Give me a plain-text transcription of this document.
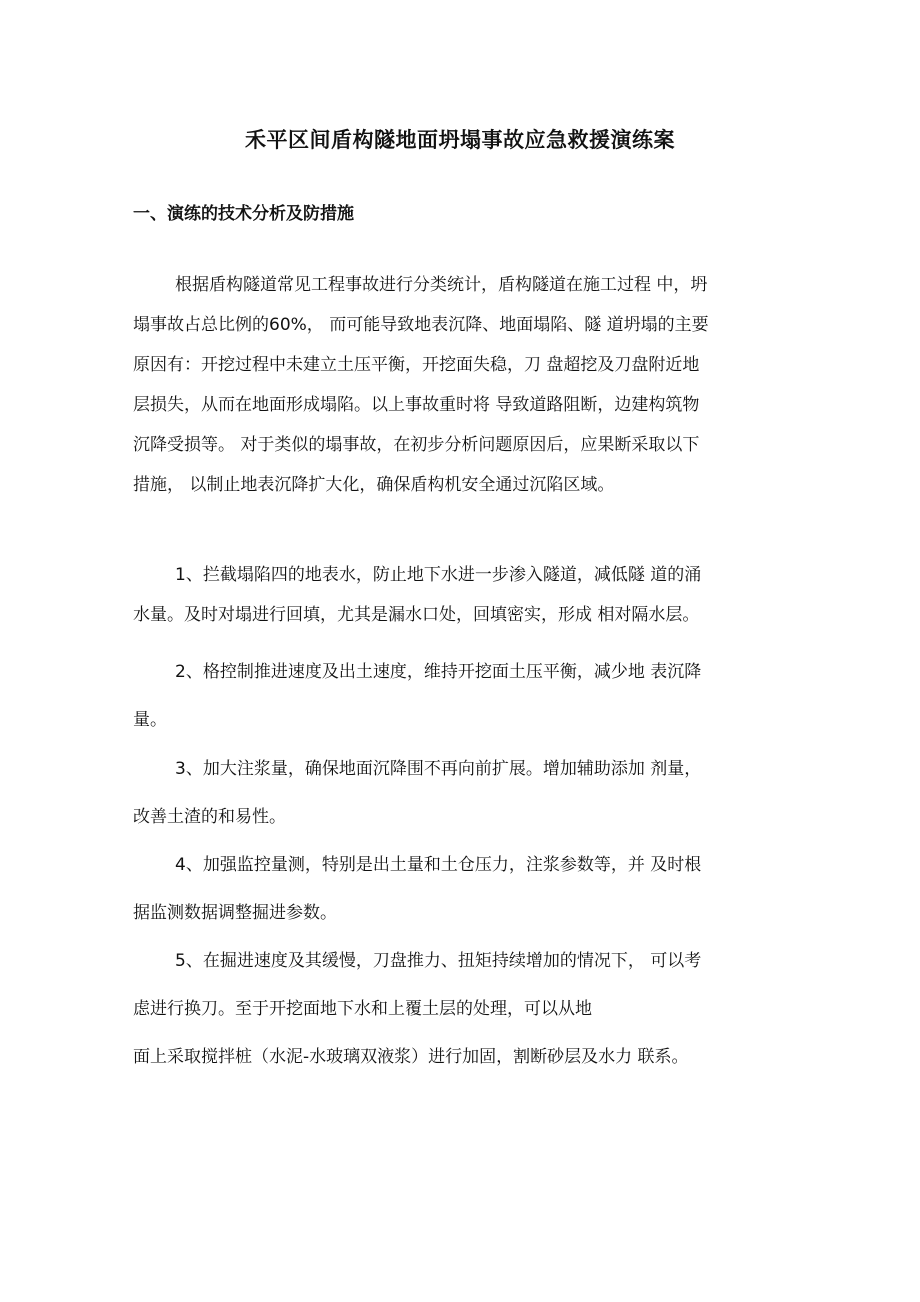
禾平区间盾构隧地面坍塌事故应急救援演练案
一、演练的技术分析及防措施
根据盾构隧道常见工程事故进行分类统计，盾构隧道在施工过程 中，坍
塌事故占总比例的60%， 而可能导致地表沉降、地面塌陷、隧 道坍塌的主要
原因有：开挖过程中未建立土压平衡，开挖面失稳，刀 盘超挖及刀盘附近地
层损失，从而在地面形成塌陷。以上事故重时将 导致道路阻断，边建构筑物
沉降受损等。 对于类似的塌事故，在初步分析问题原因后，应果断采取以下
措施， 以制止地表沉降扩大化，确保盾构机安全通过沉陷区域。
1、拦截塌陷四的地表水，防止地下水进一步渗入隧道，减低隧 道的涌
水量。及时对塌进行回填，尤其是漏水口处，回填密实，形成 相对隔水层。
2、格控制推进速度及出土速度，维持开挖面土压平衡，减少地 表沉降
量。
3、加大注浆量，确保地面沉降围不再向前扩展。增加辅助添加 剂量，
改善土渣的和易性。
4、加强监控量测，特别是出土量和土仓压力，注浆参数等，并 及时根
据监测数据调整掘进参数。
5、在掘进速度及其缓慢，刀盘推力、扭矩持续增加的情况下， 可以考
虑进行换刀。至于开挖面地下水和上覆土层的处理，可以从地
面上采取搅拌桩（水泥-水玻璃双液浆）进行加固，割断砂层及水力 联系。
